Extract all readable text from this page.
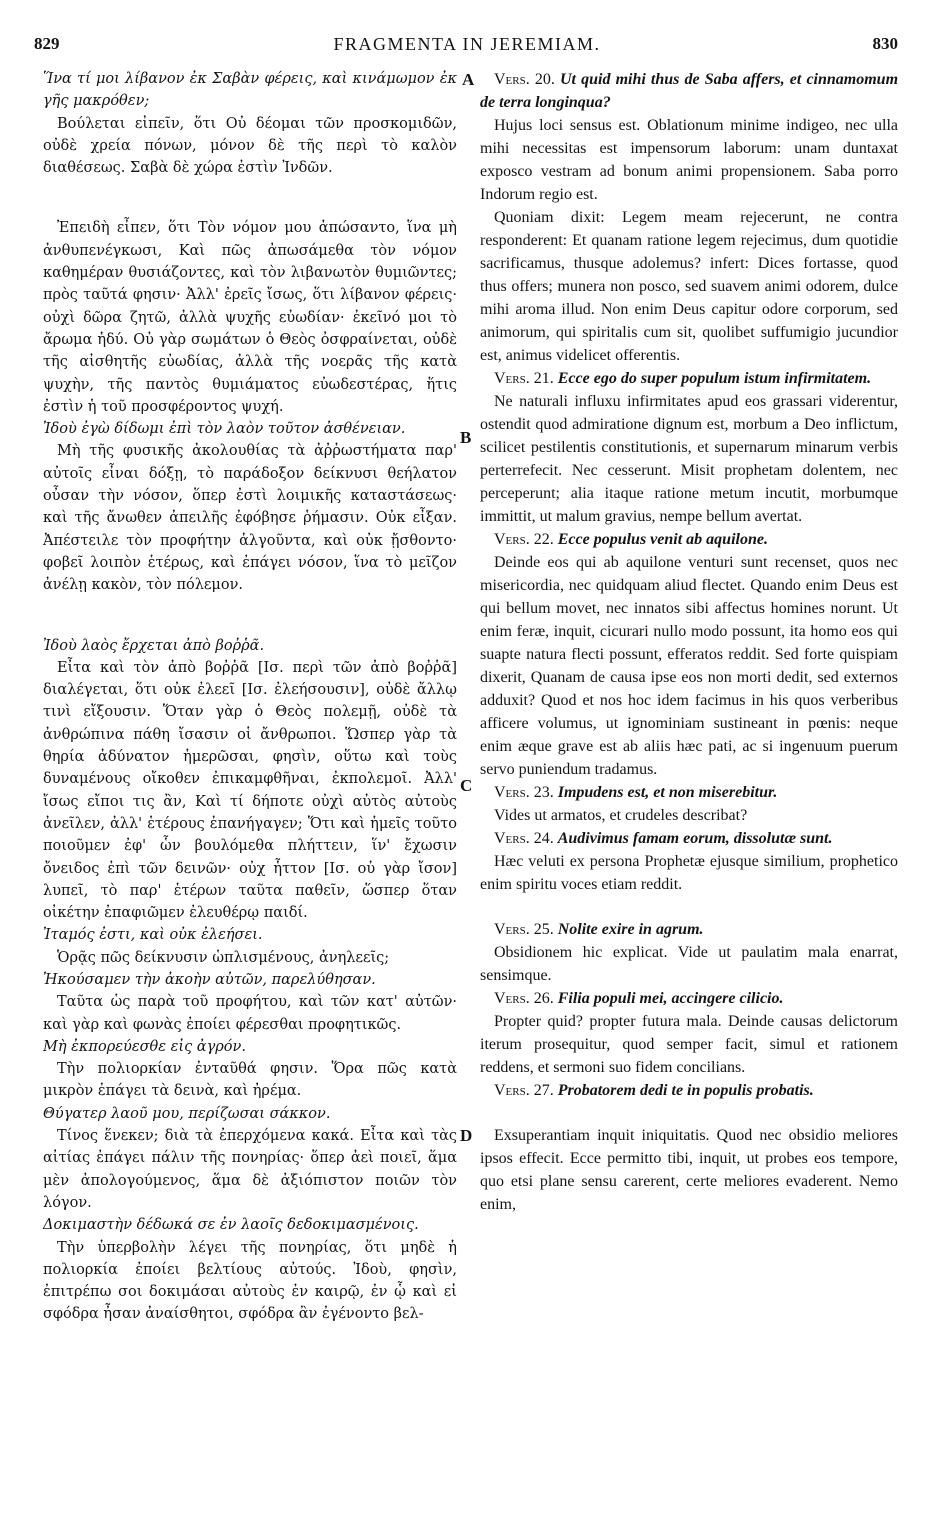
829	FRAGMENTA IN JEREMIAM.	830

Ἵνα τί μοι λίβανον ἐκ Σαβὰν φέρεις, καὶ κινάμωμον ἐκ γῆς μακρόθεν;

Βούλεται εἰπεῖν, ὅτι Οὐ δέομαι τῶν προσκομιδῶν, οὐδὲ χρεία πόνων, μόνον δὲ τῆς περὶ τὸ καλὸν διαθέσεως. Σαβὰ δὲ χώρα ἐστὶν Ἰνδῶν.

Ἐπειδὴ εἶπεν, ὅτι Τὸν νόμον μου ἀπώσαντο, ἵνα μὴ ἀνθυπενέγκωσι, Καὶ πῶς ἀπωσάμεθα τὸν νόμον καθημέραν θυσιάζοντες, καὶ τὸν λιβανωτὸν θυμιῶντες; πρὸς ταῦτά φησιν· Ἀλλ' ἐρεῖς ἴσως, ὅτι λίβανον φέρεις· οὐχὶ δῶρα ζητῶ, ἀλλὰ ψυχῆς εὐωδίαν· ἐκεῖνό μοι τὸ ἄρωμα ἡδύ. Οὐ γὰρ σωμάτων ὁ Θεὸς ὀσφραίνεται, οὐδὲ τῆς αἰσθητῆς εὐωδίας, ἀλλὰ τῆς νοερᾶς τῆς κατὰ ψυχὴν, τῆς παντὸς θυμιάματος εὐωδεστέρας, ἥτις ἐστὶν ἡ τοῦ προσφέροντος ψυχή.

Ἰδοὺ ἐγὼ δίδωμι ἐπὶ τὸν λαὸν τοῦτον ἀσθένειαν.

Μὴ τῆς φυσικῆς ἀκολουθίας τὰ ἀῤῥωστήματα παρ' αὐτοῖς εἶναι δόξῃ, τὸ παράδοξον δείκνυσι θεήλατον οὖσαν τὴν νόσον, ὅπερ ἐστὶ λοιμικῆς καταστάσεως· καὶ τῆς ἄνωθεν ἀπειλῆς ἐφόβησε ῥήμασιν. Οὐκ εἶξαν. Ἀπέστειλε τὸν προφήτην ἀλγοῦντα, καὶ οὐκ ᾔσθοντο· φοβεῖ λοιπὸν ἑτέρως, καὶ ἐπάγει νόσον, ἵνα τὸ μεῖζον ἀνέλῃ κακὸν, τὸν πόλεμον.

Ἰδοὺ λαὸς ἔρχεται ἀπὸ βοῤῥᾶ.

Εἶτα καὶ τὸν ἀπὸ βοῤῥᾶ [Ισ. περὶ τῶν ἀπὸ βοῤῥᾶ] διαλέγεται, ὅτι οὐκ ἐλεεῖ [Ισ. ἐλεήσουσιν], οὐδὲ ἄλλῳ τινὶ εἴξουσιν. Ὅταν γὰρ ὁ Θεὸς πολεμῇ, οὐδὲ τὰ ἀνθρώπινα πάθη ἴσασιν οἱ ἄνθρωποι. Ὥσπερ γὰρ τὰ θηρία ἀδύνατον ἡμερῶσαι, φησὶν, οὕτω καὶ τοὺς δυναμένους οἴκοθεν ἐπικαμφθῆναι, ἐκπολεμοῖ. Ἀλλ' ἴσως εἴποι τις ἂν, Καὶ τί δήποτε οὐχὶ αὐτὸς αὐτοὺς ἀνεῖλεν, ἀλλ' ἑτέρους ἐπανήγαγεν; Ὅτι καὶ ἡμεῖς τοῦτο ποιοῦμεν ἐφ' ὧν βουλόμεθα πλήττειν, ἵν' ἔχωσιν ὄνειδος ἐπὶ τῶν δεινῶν· οὐχ ἧττον [Ισ. οὐ γὰρ ἴσον] λυπεῖ, τὸ παρ' ἑτέρων ταῦτα παθεῖν, ὥσπερ ὅταν οἰκέτην ἐπαφιῶμεν ἐλευθέρῳ παιδί.

Ἰταμός ἐστι, καὶ οὐκ ἐλεήσει.

Ὁρᾷς πῶς δείκνυσιν ὡπλισμένους, ἀνηλεεῖς;

Ἠκούσαμεν τὴν ἀκοὴν αὐτῶν, παρελύθησαν.

Ταῦτα ὡς παρὰ τοῦ προφήτου, καὶ τῶν κατ' αὐτῶν· καὶ γὰρ καὶ φωνὰς ἐποίει φέρεσθαι προφητικῶς.

Μὴ ἐκπορεύεσθε εἰς ἀγρόν.

Τὴν πολιορκίαν ἐνταῦθά φησιν. Ὅρα πῶς κατὰ μικρὸν ἐπάγει τὰ δεινὰ, καὶ ἠρέμα.

Θύγατερ λαοῦ μου, περίζωσαι σάκκον.

Τίνος ἕνεκεν; διὰ τὰ ἐπερχόμενα κακά. Εἶτα καὶ τὰς αἰτίας ἐπάγει πάλιν τῆς πονηρίας· ὅπερ ἀεὶ ποιεῖ, ἅμα μὲν ἀπολογούμενος, ἅμα δὲ ἀξιόπιστον ποιῶν τὸν λόγον.

Δοκιμαστὴν δέδωκά σε ἐν λαοῖς δεδοκιμασμένοις.

Τὴν ὑπερβολὴν λέγει τῆς πονηρίας, ὅτι μηδὲ ἡ πολιορκία ἐποίει βελτίους αὐτούς. Ἰδοὺ, φησὶν, ἐπιτρέπω σοι δοκιμάσαι αὐτοὺς ἐν καιρῷ, ἐν ᾧ καὶ εἰ σφόδρα ἦσαν ἀναίσθητοι, σφόδρα ἂν ἐγένοντο βελ-

Vers. 20. Ut quid mihi thus de Saba affers, et cinnamomum de terra longinqua?

Hujus loci sensus est. Oblationum minime indigeo, nec ulla mihi necessitas est impensorum laborum: unam duntaxat exposco vestram ad bonum animi propensionem. Saba porro Indorum regio est.

Quoniam dixit: Legem meam rejecerunt, ne contra responderent: Et quanam ratione legem rejecimus, dum quotidie sacrificamus, thusque adolemus? infert: Dices fortasse, quod thus offers; munera non posco, sed suavem animi odorem, dulce mihi aroma illud. Non enim Deus capitur odore corporum, sed animorum, qui spiritalis cum sit, quolibet suffumigio jucundior est, animus videlicet offerentis.

Vers. 21. Ecce ego do super populum istum infirmitatem.

Ne naturali influxu infirmitates apud eos grassari viderentur, ostendit quod admiratione dignum est, morbum a Deo inflictum, scilicet pestilentis constitutionis, et supernarum minarum verbis perterrefecit. Nec cesserunt. Misit prophetam dolentem, nec perceperunt; alia itaque ratione metum incutit, morbumque immittit, ut malum gravius, nempe bellum avertat.

Vers. 22. Ecce populus venit ab aquilone.

Deinde eos qui ab aquilone venturi sunt recenset, quos nec misericordia, nec quidquam aliud flectet. Quando enim Deus est qui bellum movet, nec innatos sibi affectus homines norunt. Ut enim feræ, inquit, cicurari nullo modo possunt, ita homo eos qui suapte natura flecti possunt, efferatos reddit. Sed forte quispiam dixerit, Quanam de causa ipse eos non morti dedit, sed externos adduxit? Quod et nos hoc idem facimus in his quos verberibus afficere volumus, ut ignominiam sustineant in pœnis: neque enim æque grave est ab aliis hæc pati, ac si ingenuum puerum servo puniendum tradamus.

Vers. 23. Impudens est, et non miserebitur.

Vides ut armatos, et crudeles describat?

Vers. 24. Audivimus famam eorum, dissolutæ sunt.

Hæc veluti ex persona Prophetæ ejusque similium, prophetico enim spiritu voces etiam reddit.

Vers. 25. Nolite exire in agrum.

Obsidionem hic explicat. Vide ut paulatim mala enarrat, sensimque.

Vers. 26. Filia populi mei, accingere cilicio.

Propter quid? propter futura mala. Deinde causas delictorum iterum prosequitur, quod semper facit, simul et rationem reddens, et sermoni suo fidem concilians.

Vers. 27. Probatorem dedi te in populis probatis.

Exsuperantiam inquit iniquitatis. Quod nec obsidio meliores ipsos effecit. Ecce permitto tibi, inquit, ut probes eos tempore, quo etsi plane sensu carerent, certe meliores evaderent. Nemo enim,

A
B
C
D
